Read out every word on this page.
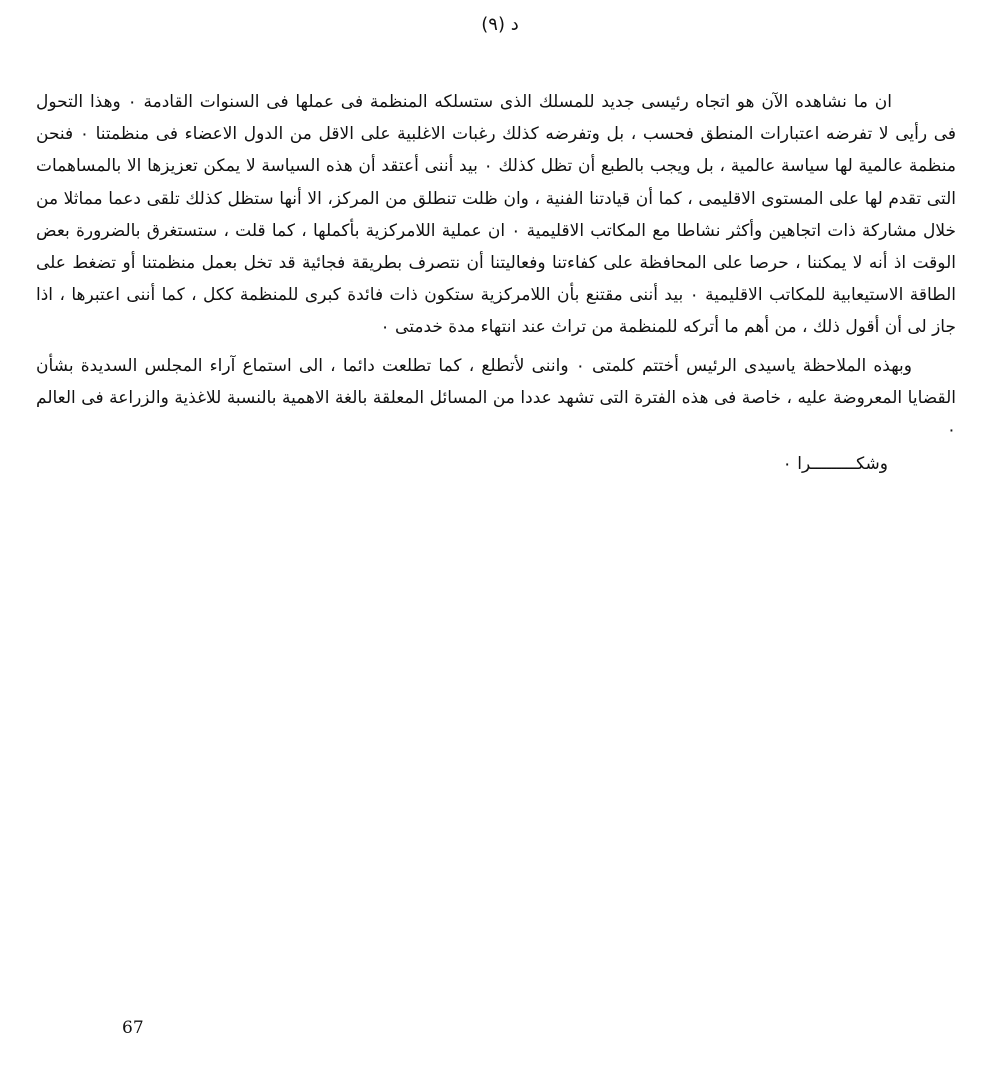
د (٩)

ان ما نشاهده الآن هو اتجاه رئيسى جديد للمسلك الذى ستسلكه المنظمة فى عملها فى السنوات القادمة ٠ وهذا التحول فى رأيى لا تفرضه اعتبارات المنطق فحسب ، بل وتفرضه كذلك رغبات الاغلبية على الاقل من الدول الاعضاء فى منظمتنا ٠ فنحن منظمة عالمية لها سياسة عالمية ، بل ويجب بالطبع أن تظل كذلك ٠ بيد أننى أعتقد أن هذه السياسة لا يمكن تعزيزها الا بالمساهمات التى تقدم لها على المستوى الاقليمى ، كما أن قيادتنا الفنية ، وان ظلت تنطلق من المركز، الا أنها ستظل كذلك تلقى دعما مماثلا من خلال مشاركة ذات اتجاهين وأكثر نشاطا مع المكاتب الاقليمية ٠ ان عملية اللامركزية بأكملها ، كما قلت ، ستستغرق بالضرورة بعض الوقت اذ أنه لا يمكننا ، حرصا على المحافظة على كفاءتنا وفعاليتنا أن نتصرف بطريقة فجائية قد تخل بعمل منظمتنا أو تضغط على الطاقة الاستيعابية للمكاتب الاقليمية ٠ بيد أننى مقتنع بأن اللامركزية ستكون ذات فائدة كبرى للمنظمة ككل ، كما أننى اعتبرها ، اذا جاز لى أن أقول ذلك ، من أهم ما أتركه للمنظمة من تراث عند انتهاء مدة خدمتى ٠

وبهذه الملاحظة ياسيدى الرئيس أختتم كلمتى ٠ واننى لأتطلع ، كما تطلعت دائما ، الى استماع آراء المجلس السديدة بشأن القضايا المعروضة عليه ، خاصة فى هذه الفترة التى تشهد عددا من المسائل المعلقة بالغة الاهمية بالنسبة للاغذية والزراعة فى العالم ٠

وشكـــــــــرا ٠

67
